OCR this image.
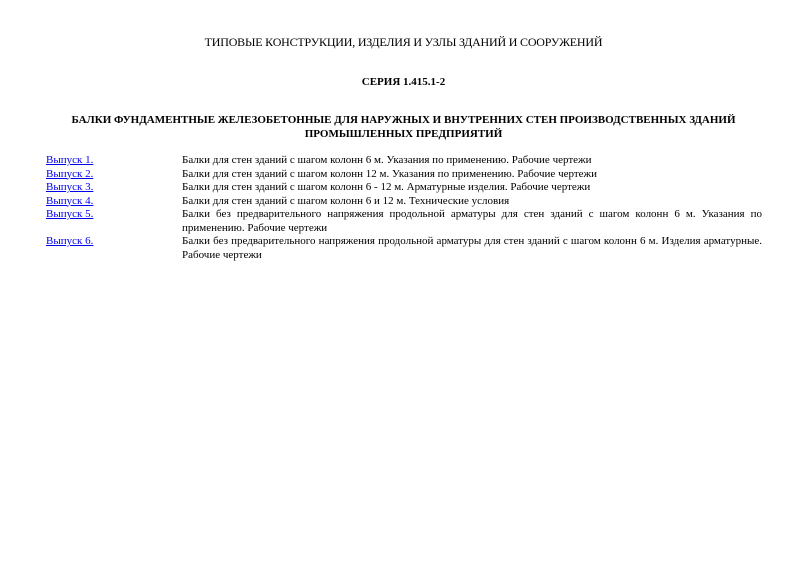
ТИПОВЫЕ КОНСТРУКЦИИ, ИЗДЕЛИЯ И УЗЛЫ ЗДАНИЙ И СООРУЖЕНИЙ
СЕРИЯ 1.415.1-2
БАЛКИ ФУНДАМЕНТНЫЕ ЖЕЛЕЗОБЕТОННЫЕ ДЛЯ НАРУЖНЫХ И ВНУТРЕННИХ СТЕН ПРОИЗВОДСТВЕННЫХ ЗДАНИЙ
ПРОМЫШЛЕННЫХ ПРЕДПРИЯТИЙ
Выпуск 1.	Балки для стен зданий с шагом колонн 6 м. Указания по применению. Рабочие чертежи
Выпуск 2.	Балки для стен зданий с шагом колонн 12 м. Указания по применению. Рабочие чертежи
Выпуск 3.	Балки для стен зданий с шагом колонн 6 - 12 м. Арматурные изделия. Рабочие чертежи
Выпуск 4.	Балки для стен зданий с шагом колонн 6 и 12 м. Технические условия
Выпуск 5.	Балки без предварительного напряжения продольной арматуры для стен зданий с шагом колонн 6 м. Указания по применению. Рабочие чертежи
Выпуск 6.	Балки без предварительного напряжения продольной арматуры для стен зданий с шагом колонн 6 м. Изделия арматурные. Рабочие чертежи
